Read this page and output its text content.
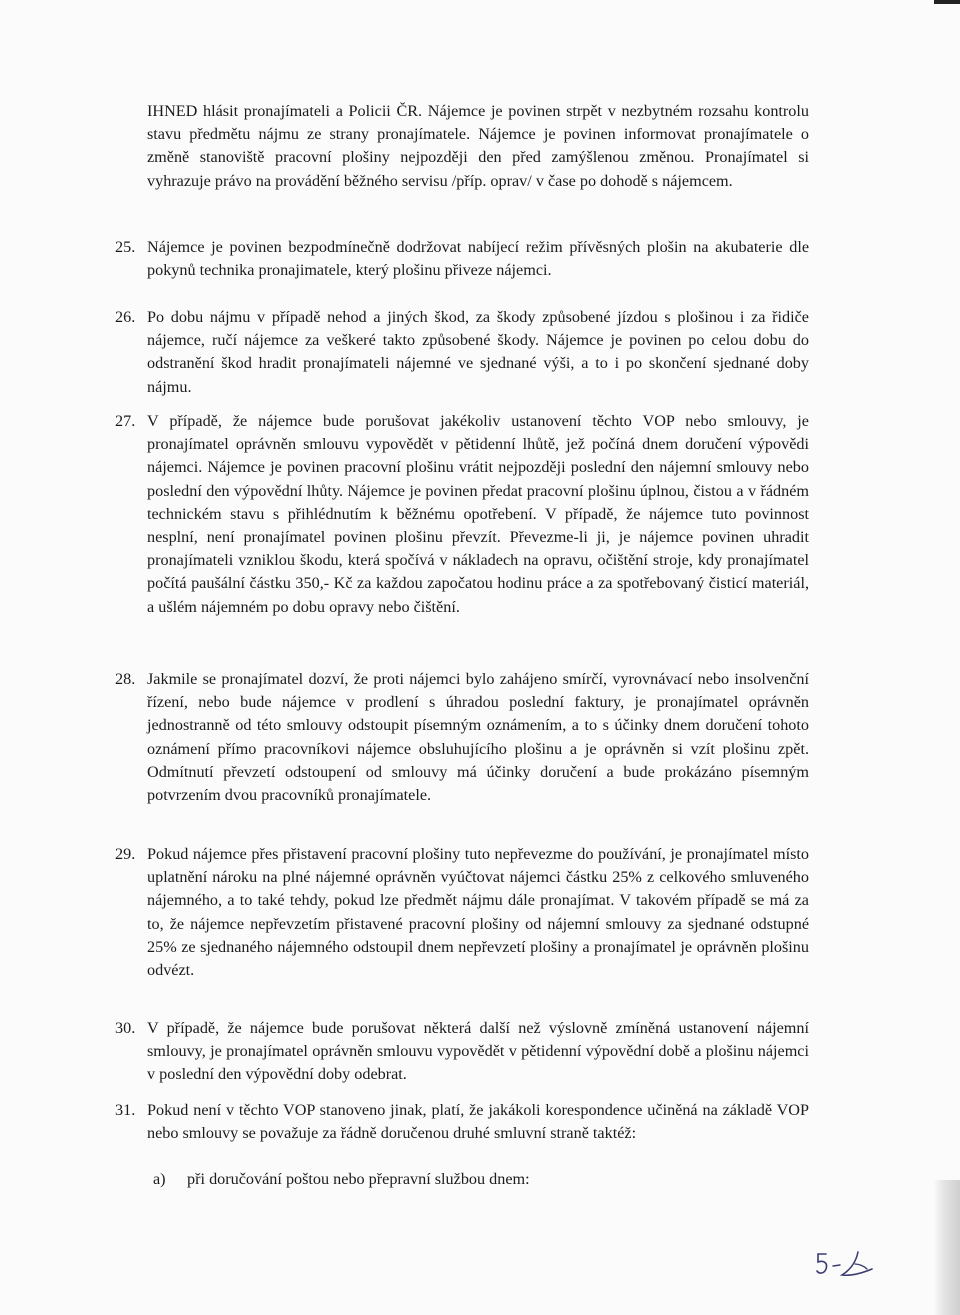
IHNED hlásit pronajímateli a Policii ČR. Nájemce je povinen strpět v nezbytném rozsahu kontrolu stavu předmětu nájmu ze strany pronajímatele. Nájemce je povinen informovat pronajímatele o změně stanoviště pracovní plošiny nejpozději den před zamýšlenou změnou. Pronajímatel si vyhrazuje právo na provádění běžného servisu /příp. oprav/ v čase po dohodě s nájemcem.
25. Nájemce je povinen bezpodmínečně dodržovat nabíjecí režim přívěsných plošin na akubaterie dle pokynů technika pronajimatele, který plošinu přiveze nájemci.
26. Po dobu nájmu v případě nehod a jiných škod, za škody způsobené jízdou s plošinou i za řidiče nájemce, ručí nájemce za veškeré takto způsobené škody. Nájemce je povinen po celou dobu do odstranění škod hradit pronajímateli nájemné ve sjednané výši, a to i po skončení sjednané doby nájmu.
27. V případě, že nájemce bude porušovat jakékoliv ustanovení těchto VOP nebo smlouvy, je pronajímatel oprávněn smlouvu vypovědět v pětidenní lhůtě, jež počíná dnem doručení výpovědi nájemci. Nájemce je povinen pracovní plošinu vrátit nejpozději poslední den nájemní smlouvy nebo poslední den výpovědní lhůty. Nájemce je povinen předat pracovní plošinu úplnou, čistou a v řádném technickém stavu s přihlédnutím k běžnému opotřebení. V případě, že nájemce tuto povinnost nesplní, není pronajímatel povinen plošinu převzít. Převezme-li ji, je nájemce povinen uhradit pronajímateli vzniklou škodu, která spočívá v nákladech na opravu, očištění stroje, kdy pronajímatel počítá paušální částku 350,- Kč za každou započatou hodinu práce a za spotřebovaný čisticí materiál, a ušlém nájemném po dobu opravy nebo čištění.
28. Jakmile se pronajímatel dozví, že proti nájemci bylo zahájeno smírčí, vyrovnávací nebo insolvenční řízení, nebo bude nájemce v prodlení s úhradou poslední faktury, je pronajímatel oprávněn jednostranně od této smlouvy odstoupit písemným oznámením, a to s účinky dnem doručení tohoto oznámení přímo pracovníkovi nájemce obsluhujícího plošinu a je oprávněn si vzít plošinu zpět. Odmítnutí převzetí odstoupení od smlouvy má účinky doručení a bude prokázáno písemným potvrzením dvou pracovníků pronajímatele.
29. Pokud nájemce přes přistavení pracovní plošiny tuto nepřevezme do používání, je pronajímatel místo uplatnění nároku na plné nájemné oprávněn vyúčtovat nájemci částku 25% z celkového smluveného nájemného, a to také tehdy, pokud lze předmět nájmu dále pronajímat. V takovém případě se má za to, že nájemce nepřevzetím přistavené pracovní plošiny od nájemní smlouvy za sjednané odstupné 25% ze sjednaného nájemného odstoupil dnem nepřevzetí plošiny a pronajímatel je oprávněn plošinu odvézt.
30. V případě, že nájemce bude porušovat některá další než výslovně zmíněná ustanovení nájemní smlouvy, je pronajímatel oprávněn smlouvu vypovědět v pětidenní výpovědní době a plošinu nájemci v poslední den výpovědní doby odebrat.
31. Pokud není v těchto VOP stanoveno jinak, platí, že jakákoli korespondence učiněná na základě VOP nebo smlouvy se považuje za řádně doručenou druhé smluvní straně taktéž:
a) při doručování poštou nebo přepravní službou dnem:
